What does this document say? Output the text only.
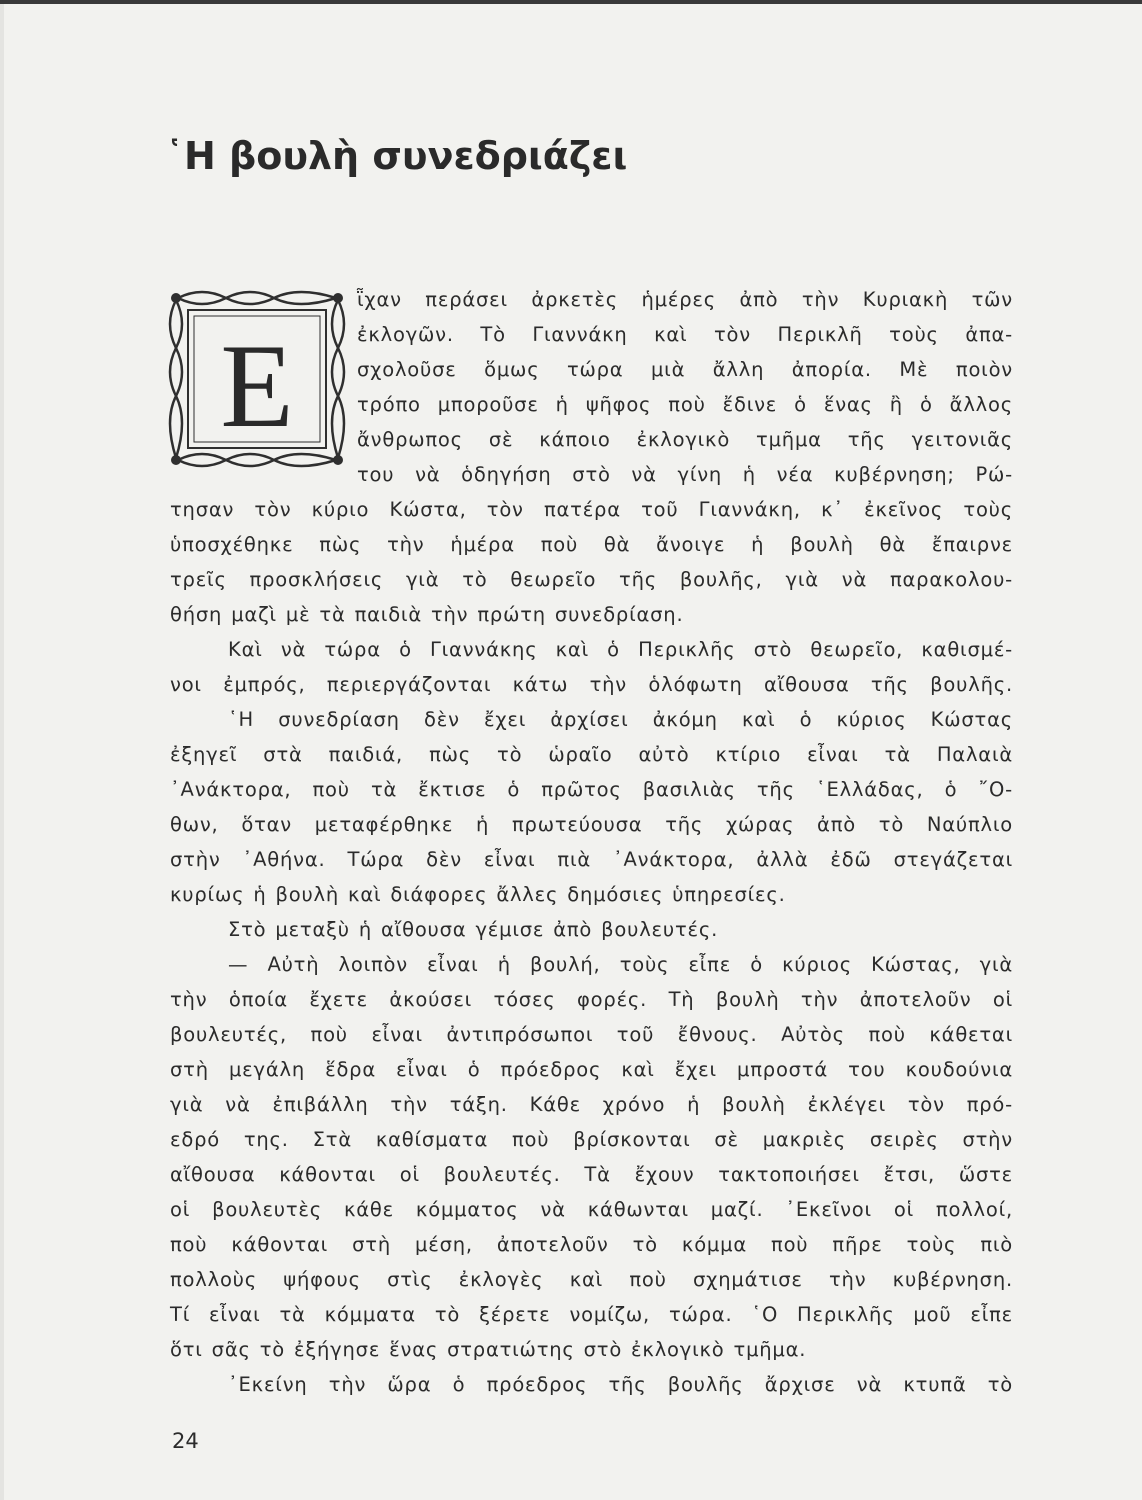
῾Η βουλὴ συνεδριάζει
Ε

ῗχαν περάσει ἀρκετὲς ἡμέρες ἀπὸ τὴν Κυριακὴ τῶν

ἐκλογῶν. Τὸ Γιαννάκη καὶ τὸν Περικλῆ τοὺς ἀπα-

σχολοῦσε ὅμως τώρα μιὰ ἄλλη ἀπορία. Μὲ ποιὸν

τρόπο μποροῦσε ἡ ψῆφος ποὺ ἔδινε ὁ ἕνας ἢ ὁ ἄλλος

ἄνθρωπος σὲ κάποιο ἐκλογικὸ τμῆμα τῆς γειτονιᾶς

του νὰ ὁδηγήση στὸ νὰ γίνη ἡ νέα κυβέρνηση; Ρώ-

τησαν τὸν κύριο Κώστα, τὸν πατέρα τοῦ Γιαννάκη, κ᾽ ἐκεῖνος τοὺς

ὑποσχέθηκε πὼς τὴν ἡμέρα ποὺ θὰ ἄνοιγε ἡ βουλὴ θὰ ἔπαιρνε

τρεῖς προσκλήσεις γιὰ τὸ θεωρεῖο τῆς βουλῆς, γιὰ νὰ παρακολου-

θήση μαζὶ μὲ τὰ παιδιὰ τὴν πρώτη συνεδρίαση.

Καὶ νὰ τώρα ὁ Γιαννάκης καὶ ὁ Περικλῆς στὸ θεωρεῖο, καθισμέ-

νοι ἐμπρός, περιεργάζονται κάτω τὴν ὁλόφωτη αἴθουσα τῆς βουλῆς.

῾Η συνεδρίαση δὲν ἔχει ἀρχίσει ἀκόμη καὶ ὁ κύριος Κώστας

ἐξηγεῖ στὰ παιδιά, πὼς τὸ ὡραῖο αὐτὸ κτίριο εἶναι τὰ Παλαιὰ

᾽Ανάκτορα, ποὺ τὰ ἔκτισε ὁ πρῶτος βασιλιὰς τῆς ῾Ελλάδας, ὁ ῎Ο-

θων, ὅταν μεταφέρθηκε ἡ πρωτεύουσα τῆς χώρας ἀπὸ τὸ Ναύπλιο

στὴν ᾽Αθήνα. Τώρα δὲν εἶναι πιὰ ᾽Ανάκτορα, ἀλλὰ ἐδῶ στεγάζεται

κυρίως ἡ βουλὴ καὶ διάφορες ἄλλες δημόσιες ὑπηρεσίες.

Στὸ μεταξὺ ἡ αἴθουσα γέμισε ἀπὸ βουλευτές.

— Αὐτὴ λοιπὸν εἶναι ἡ βουλή, τοὺς εἶπε ὁ κύριος Κώστας, γιὰ

τὴν ὁποία ἔχετε ἀκούσει τόσες φορές. Τὴ βουλὴ τὴν ἀποτελοῦν οἱ

βουλευτές, ποὺ εἶναι ἀντιπρόσωποι τοῦ ἔθνους. Αὐτὸς ποὺ κάθεται

στὴ μεγάλη ἕδρα εἶναι ὁ πρόεδρος καὶ ἔχει μπροστά του κουδούνια

γιὰ νὰ ἐπιβάλλη τὴν τάξη. Κάθε χρόνο ἡ βουλὴ ἐκλέγει τὸν πρό-

εδρό της. Στὰ καθίσματα ποὺ βρίσκονται σὲ μακριὲς σειρὲς στὴν

αἴθουσα κάθονται οἱ βουλευτές. Τὰ ἔχουν τακτοποιήσει ἔτσι, ὥστε

οἱ βουλευτὲς κάθε κόμματος νὰ κάθωνται μαζί. ᾽Εκεῖνοι οἱ πολλοί,

ποὺ κάθονται στὴ μέση, ἀποτελοῦν τὸ κόμμα ποὺ πῆρε τοὺς πιὸ

πολλοὺς ψήφους στὶς ἐκλογὲς καὶ ποὺ σχημάτισε τὴν κυβέρνηση.

Τί εἶναι τὰ κόμματα τὸ ξέρετε νομίζω, τώρα. ῾Ο Περικλῆς μοῦ εἶπε

ὅτι σᾶς τὸ ἐξήγησε ἕνας στρατιώτης στὸ ἐκλογικὸ τμῆμα.

᾽Εκείνη τὴν ὥρα ὁ πρόεδρος τῆς βουλῆς ἄρχισε νὰ κτυπᾶ τὸ

24
